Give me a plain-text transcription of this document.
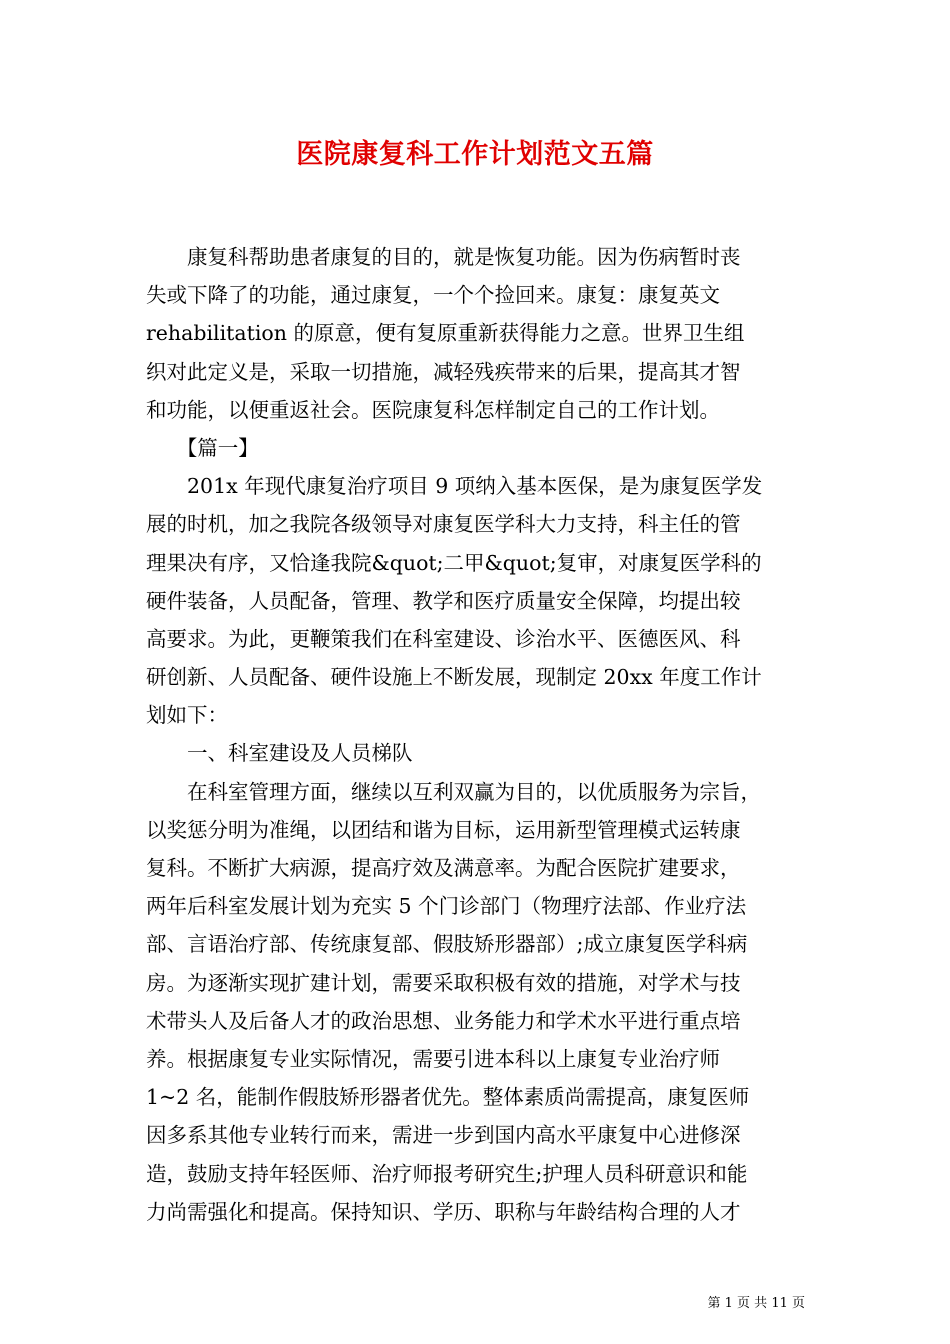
医院康复科工作计划范文五篇
　　康复科帮助患者康复的目的，就是恢复功能。因为伤病暂时丧
失或下降了的功能，通过康复，一个个捡回来。康复：康复英文
rehabilitation 的原意，便有复原重新获得能力之意。世界卫生组
织对此定义是，采取一切措施，减轻残疾带来的后果，提高其才智
和功能，以便重返社会。医院康复科怎样制定自己的工作计划。
　　【篇一】
　　201x 年现代康复治疗项目 9 项纳入基本医保，是为康复医学发
展的时机，加之我院各级领导对康复医学科大力支持，科主任的管
理果决有序，又恰逢我院&quot;二甲&quot;复审，对康复医学科的
硬件装备，人员配备，管理、教学和医疗质量安全保障，均提出较
高要求。为此，更鞭策我们在科室建设、诊治水平、医德医风、科
研创新、人员配备、硬件设施上不断发展，现制定 20xx 年度工作计
划如下：
　　一、科室建设及人员梯队
　　在科室管理方面，继续以互利双赢为目的，以优质服务为宗旨，
以奖惩分明为准绳，以团结和谐为目标，运用新型管理模式运转康
复科。不断扩大病源，提高疗效及满意率。为配合医院扩建要求，
两年后科室发展计划为充实 5 个门诊部门（物理疗法部、作业疗法
部、言语治疗部、传统康复部、假肢矫形器部）;成立康复医学科病
房。为逐渐实现扩建计划，需要采取积极有效的措施，对学术与技
术带头人及后备人才的政治思想、业务能力和学术水平进行重点培
养。根据康复专业实际情况，需要引进本科以上康复专业治疗师
1~2 名，能制作假肢矫形器者优先。整体素质尚需提高，康复医师
因多系其他专业转行而来，需进一步到国内高水平康复中心进修深
造，鼓励支持年轻医师、治疗师报考研究生;护理人员科研意识和能
力尚需强化和提高。保持知识、学历、职称与年龄结构合理的人才
第 1 页 共 11 页
